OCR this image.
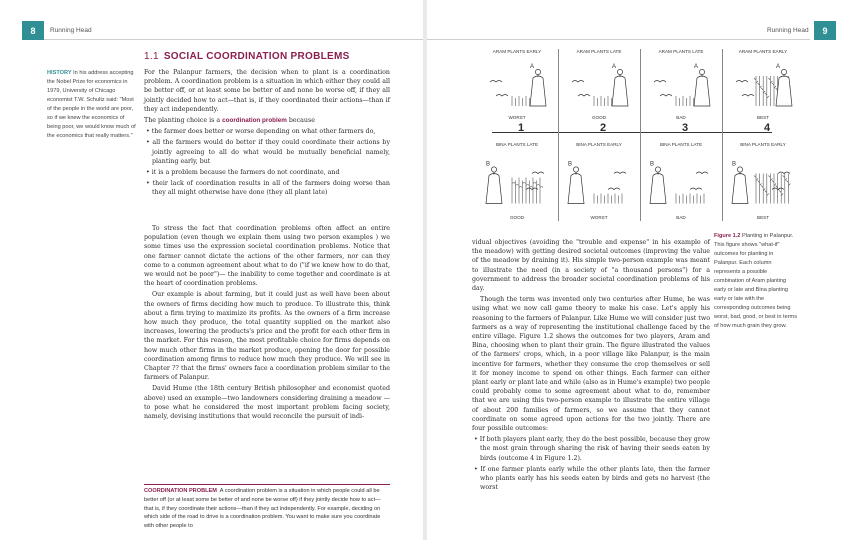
8 Running Head
1.1 SOCIAL COORDINATION PROBLEMS
HISTORY In his address accepting the Nobel Prize for economics in 1979, University of Chicago economist T.W. Schultz said: "Most of the people in the world are poor, so if we knew the economics of being poor, we would know much of the economics that really matters."

For the Palanpur farmers, the decision when to plant is a coordination problem. A coordination problem is a situation in which either they could all be better off, or at least some be better of and none be worse off, if they all jointly decided how to act—that is, if they coordinated their actions—than if they act independently.

The planting choice is a coordination problem because

• the farmer does better or worse depending on what other farmers do,

• all the farmers would do better if they could coordinate their actions by jointly agreeing to all do what would be mutually beneficial namely, planting early, but

• it is a problem because the farmers do not coordinate, and

• their lack of coordination results in all of the farmers doing worse than they all might otherwise have done (they all plant late)

To stress the fact that coordination problems often affect an entire population (even though we explain them using two person examples ) we some times use the expression societal coordination problems. Notice that one farmer cannot dictate the actions of the other farmers, nor can they come to a common agreement about what to do ("if we knew how to do that, we would not be poor")— the inability to come together and coordinate is at the heart of coordination problems.

Our example is about farming, but it could just as well have been about the owners of firms deciding how much to produce. To illustrate this, think about a firm trying to maximize its profits. As the owners of a firm increase how much they produce, the total quantity supplied on the market also increases, lowering the products's price and the profit for each other firm in the market. For this reason, the most profitable choice for firms depends on how much other firms in the market produce, opening the door for possible coordination among firms to reduce how much they produce. We will see in Chapter ?? that the firms' owners face a coordination problem similar to the farmers of Palanpur.

David Hume (the 18th century British philosopher and economist quoted above) used an example—two landowners considering draining a meadow —to pose what he considered the most important problem facing society, namely, devising institutions that would reconcile the pursuit of indi-

COORDINATION PROBLEM A coordination problem is a situation in which people could all be better off (or at least some be better of and none be worse off) if they jointly decide how to act—that is, if they coordinate their actions—than if they act independently. For example, deciding on which side of the road to drive is a coordination problem. You want to make sure you coordinate with other people to
Running Head 9
ARAM PLANTS EARLY
A
WORST
1
BINA PLANTS LATE
B
GOOD
ARAM PLANTS LATE
A
GOOD
2
BINA PLANTS EARLY
B
WORST
ARAM PLANTS LATE
A
BAD
3
BINA PLANTS LATE
B
BAD
ARAM PLANTS EARLY
A
BEST
4
BINA PLANTS EARLY
B
BEST
Figure 1.2 Planting in Palanpur.
This figure shows "what-if" outcomes for planting in Palanpur. Each column represents a possible combination of Aram planting early or late and Bina planting early or late with the corresponding outcomes being worst, bad, good, or best in terms of how much grain they grow.

vidual objectives (avoiding the "trouble and expense" in his example of the meadow) with getting desired societal outcomes (improving the value of the meadow by draining it). His simple two-person example was meant to illustrate the need (in a society of "a thousand persons") for a government to address the broader societal coordination problems of his day.

Though the term was invented only two centuries after Hume, he was using what we now call game theory to make his case. Let's apply his reasoning to the farmers of Palanpur. Like Hume we will consider just two farmers as a way of representing the institutional challenge faced by the entire village. Figure 1.2 shows the outcomes for two players, Aram and Bina, choosing when to plant their grain. The figure illustrated the values of the farmers' crops, which, in a poor village like Palanpur, is the main incentive for farmers, whether they consume the crop themselves or sell it for money income to spend on other things. Each farmer can either plant early or plant late and while (also as in Hume's example) two people could probably come to some agreement about what to do, remember that we are using this two-person example to illustrate the entire village of about 200 families of farmers, so we assume that they cannot coordinate on some agreed upon actions for the two jointly. There are four possible outcomes:

• If both players plant early, they do the best possible, because they grow the most grain through sharing the risk of having their seeds eaten by birds (outcome 4 in Figure 1.2).

• If one farmer plants early while the other plants late, then the farmer who plants early has his seeds eaten by birds and gets no harvest (the worst
